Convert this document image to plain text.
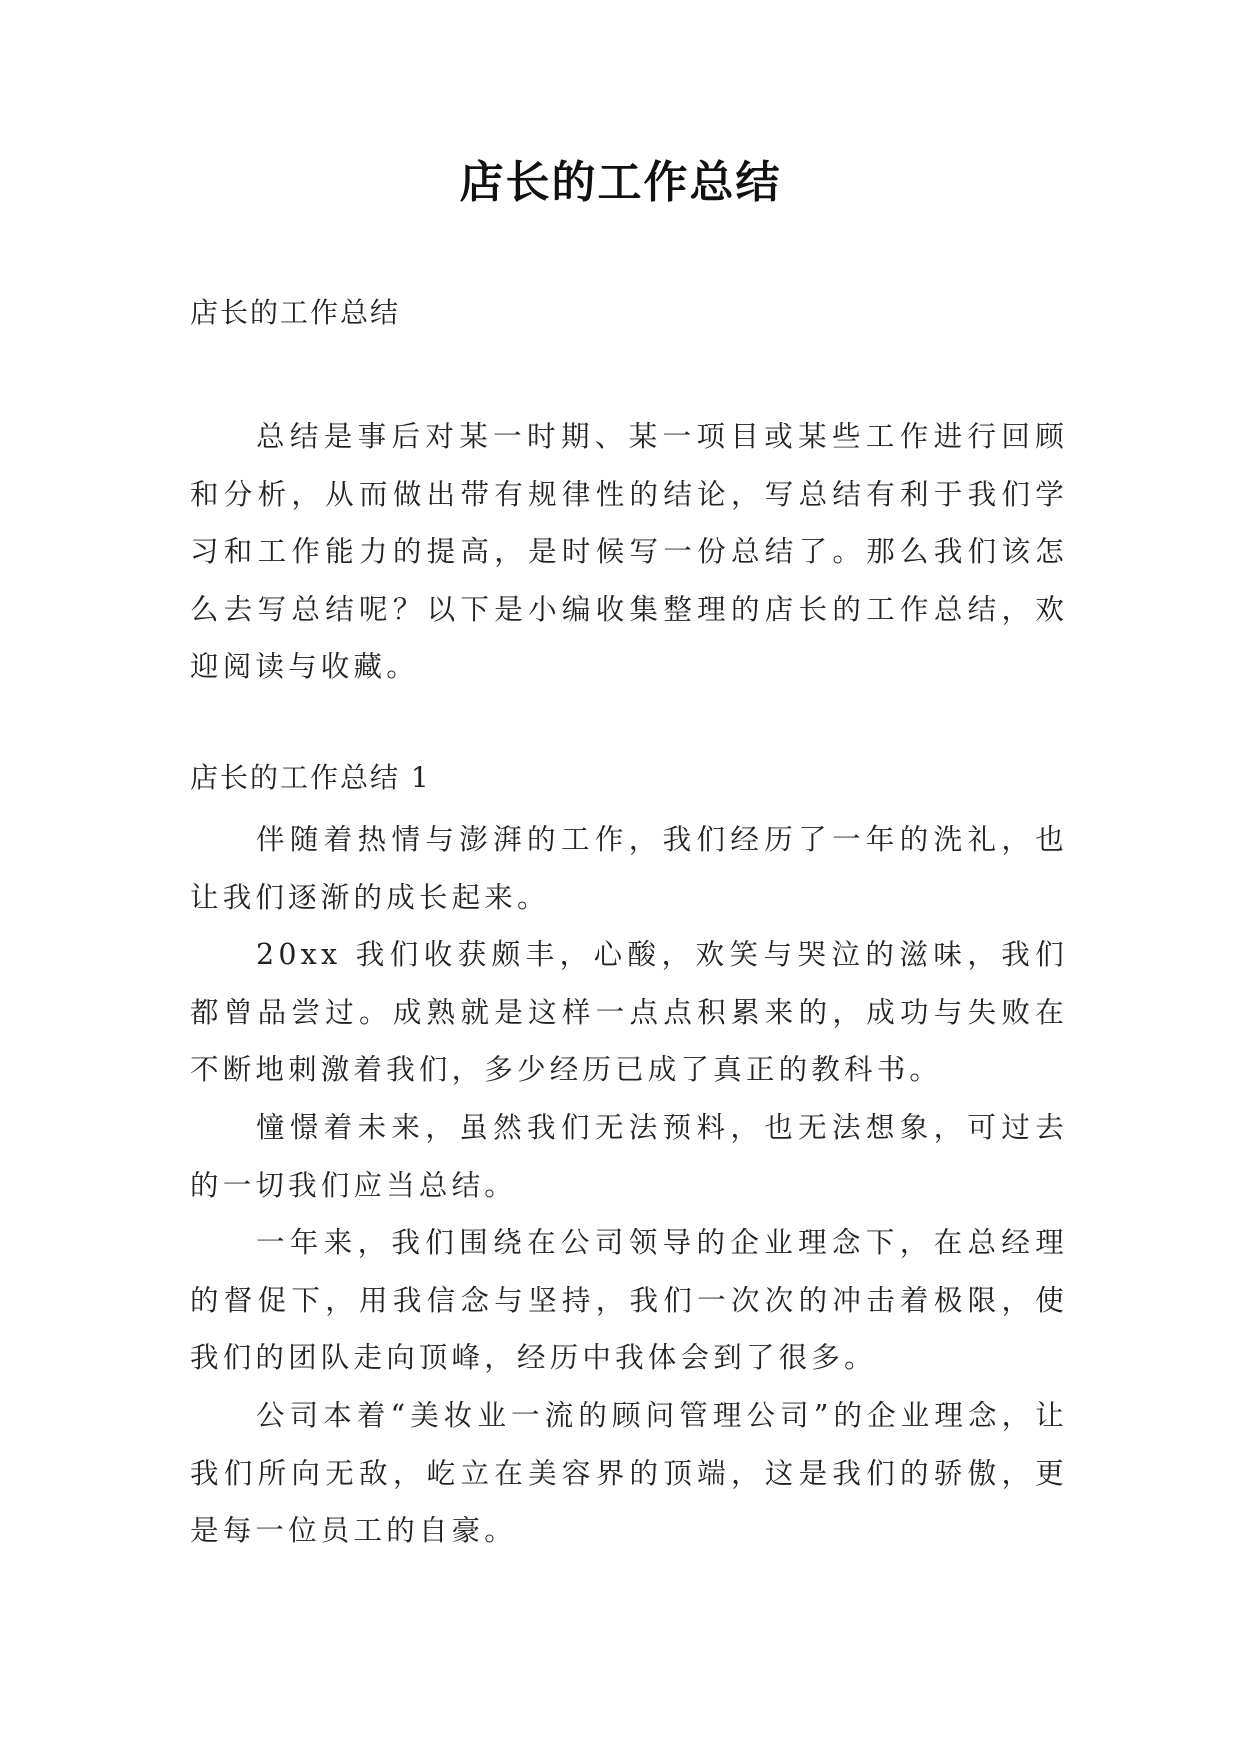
店长的工作总结
店长的工作总结

总结是事后对某一时期、某一项目或某些工作进行回顾和分析，从而做出带有规律性的结论，写总结有利于我们学习和工作能力的提高，是时候写一份总结了。那么我们该怎么去写总结呢？以下是小编收集整理的店长的工作总结，欢迎阅读与收藏。

店长的工作总结 1

伴随着热情与澎湃的工作，我们经历了一年的洗礼，也让我们逐渐的成长起来。

20xx 我们收获颇丰，心酸，欢笑与哭泣的滋味，我们都曾品尝过。成熟就是这样一点点积累来的，成功与失败在不断地刺激着我们，多少经历已成了真正的教科书。

憧憬着未来，虽然我们无法预料，也无法想象，可过去的一切我们应当总结。

一年来，我们围绕在公司领导的企业理念下，在总经理的督促下，用我信念与坚持，我们一次次的冲击着极限，使我们的团队走向顶峰，经历中我体会到了很多。

公司本着“美妆业一流的顾问管理公司”的企业理念，让我们所向无敌，屹立在美容界的顶端，这是我们的骄傲，更是每一位员工的自豪。
